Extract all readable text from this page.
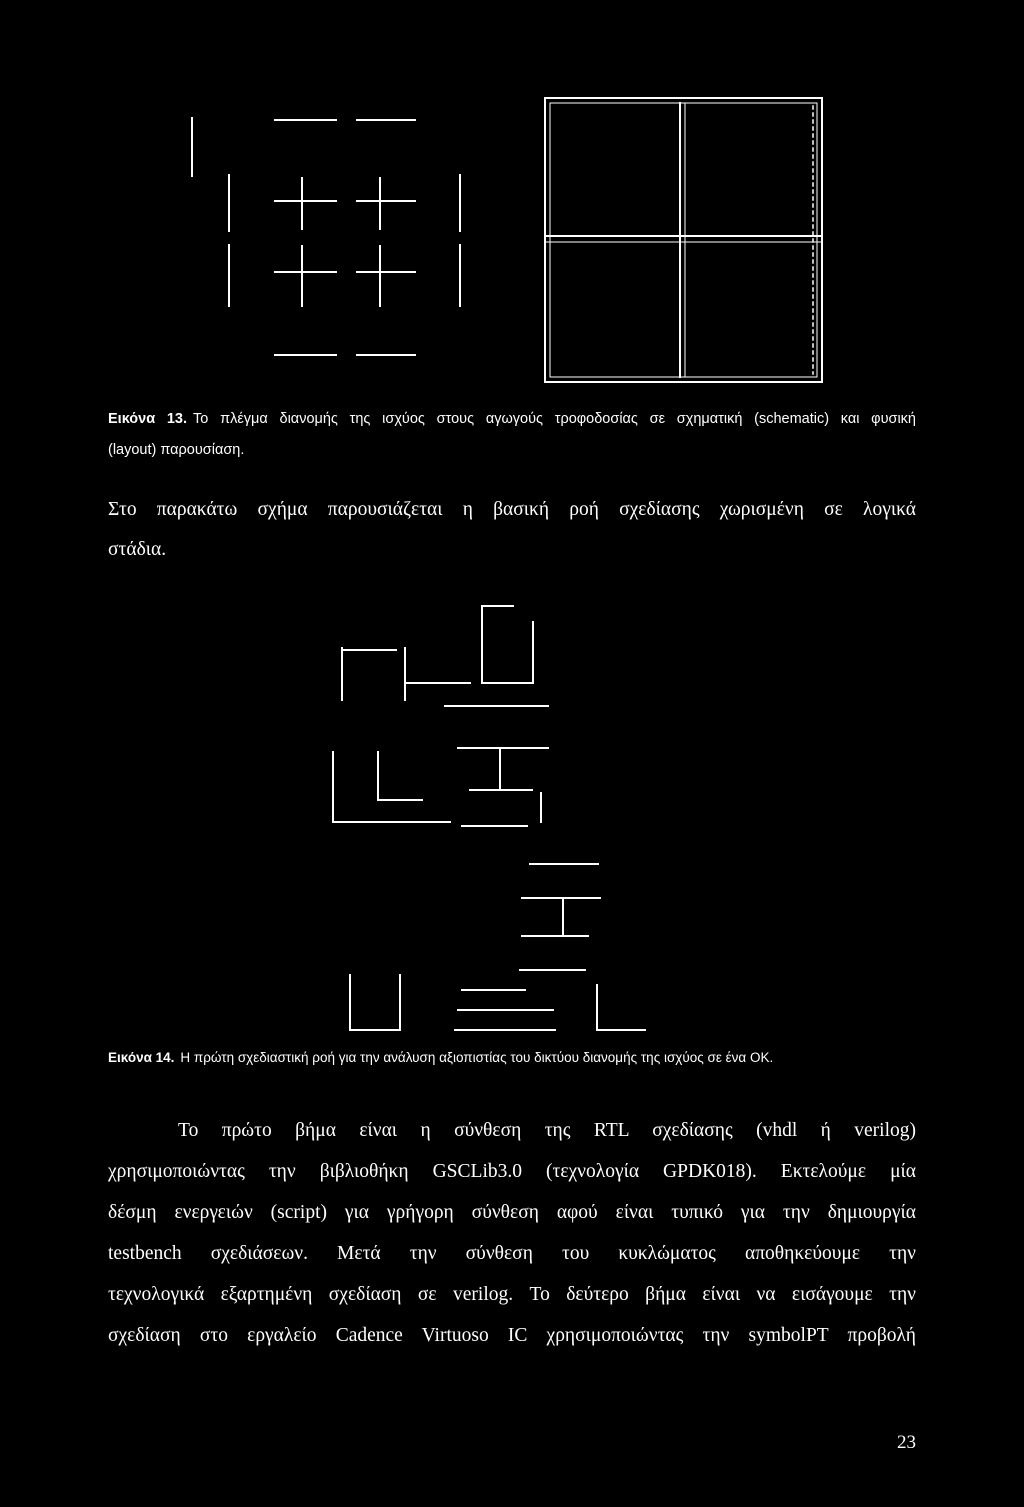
Εικόνα 13. Το πλέγμα διανομής της ισχύος στους αγωγούς τροφοδοσίας σε σχηματική (schematic) και φυσική
(layout) παρουσίαση.
Στο παρακάτω σχήμα παρουσιάζεται η βασική ροή σχεδίασης χωρισμένη σε λογικά
στάδια.
Εικόνα 14. Η πρώτη σχεδιαστική ροή για την ανάλυση αξιοπιστίας του δικτύου διανομής της ισχύος σε ένα ΟΚ.
Το πρώτο βήμα είναι η σύνθεση της RTL σχεδίασης (vhdl ή verilog)
χρησιμοποιώντας την βιβλιοθήκη GSCLib3.0 (τεχνολογία GPDK018). Εκτελούμε μία
δέσμη ενεργειών (script) για γρήγορη σύνθεση αφού είναι τυπικό για την δημιουργία
testbench σχεδιάσεων. Μετά την σύνθεση του κυκλώματος αποθηκεύουμε την
τεχνολογικά εξαρτημένη σχεδίαση σε verilog. Το δεύτερο βήμα είναι να εισάγουμε την
σχεδίαση στο εργαλείο Cadence Virtuoso IC χρησιμοποιώντας την symbolPT προβολή
23
